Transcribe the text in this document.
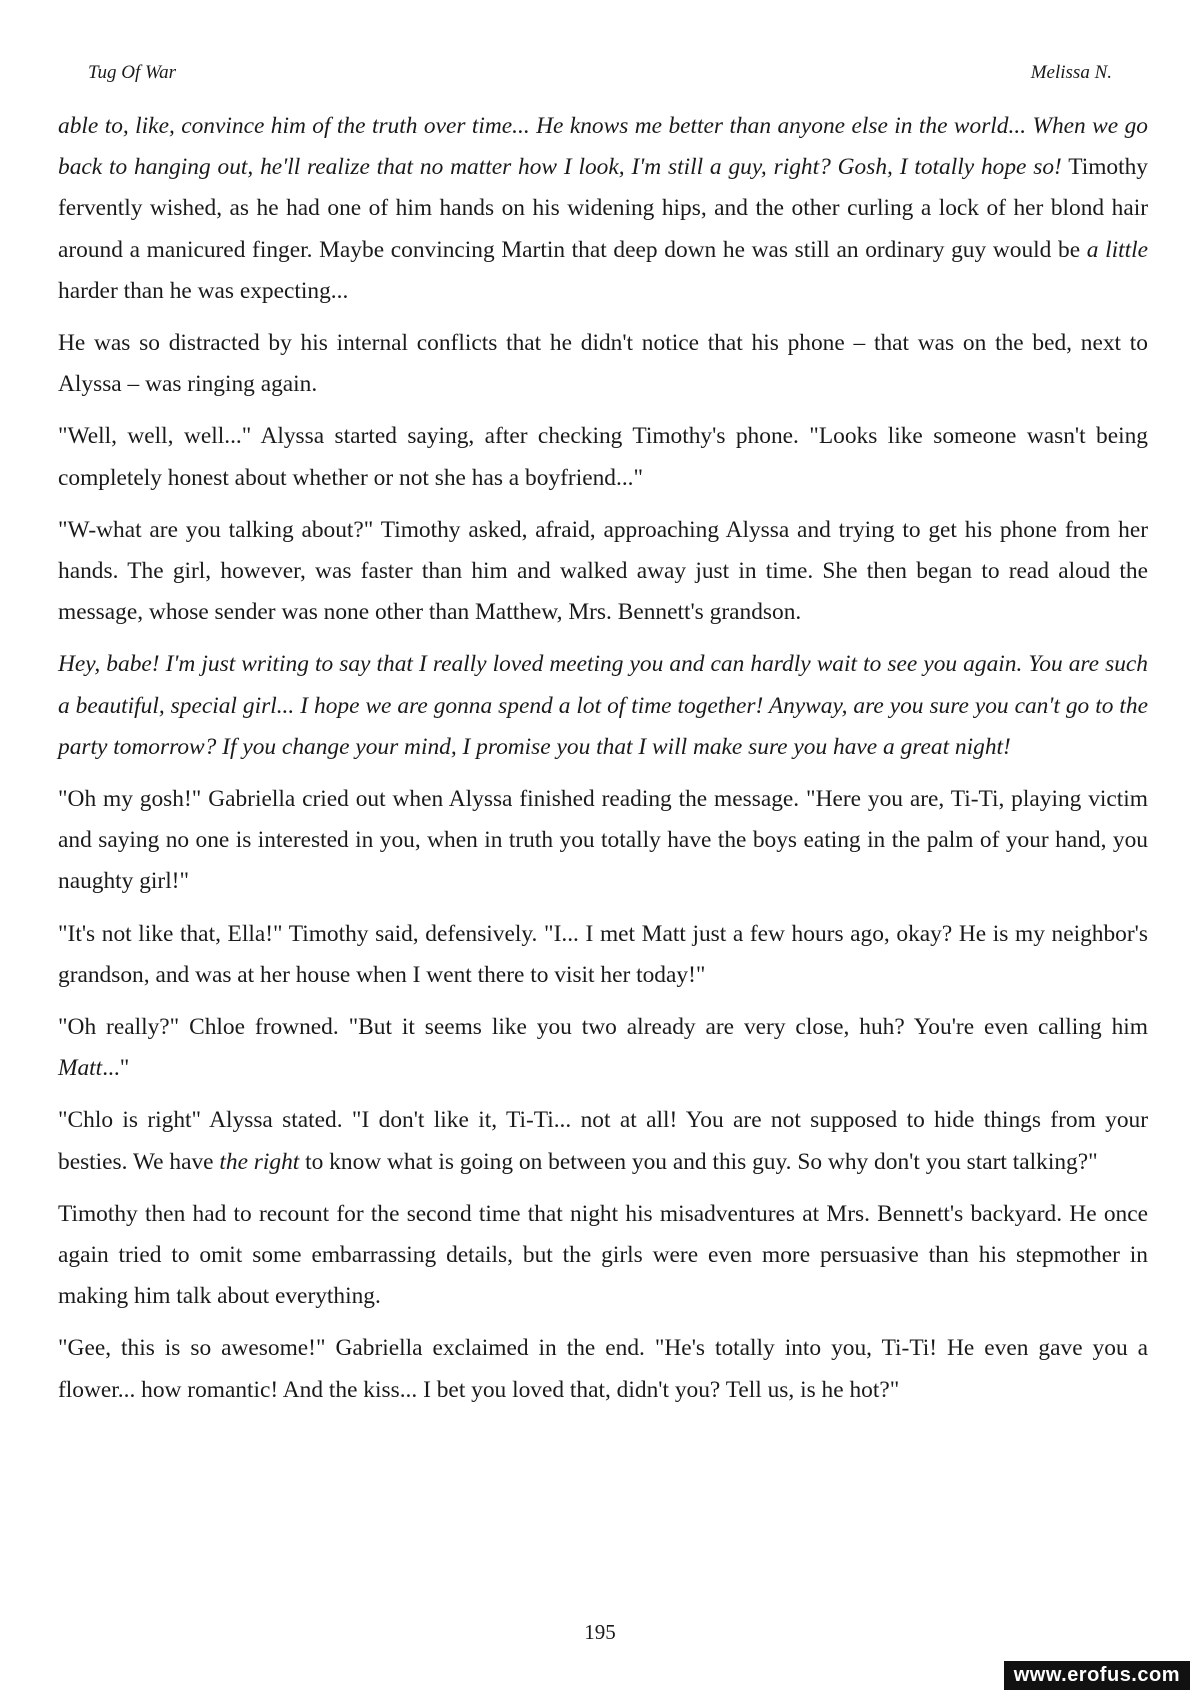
Tug Of War	Melissa N.

able to, like, convince him of the truth over time... He knows me better than anyone else in the world... When we go back to hanging out, he'll realize that no matter how I look, I'm still a guy, right? Gosh, I totally hope so! Timothy fervently wished, as he had one of him hands on his widening hips, and the other curling a lock of her blond hair around a manicured finger. Maybe convincing Martin that deep down he was still an ordinary guy would be a little harder than he was expecting...

He was so distracted by his internal conflicts that he didn't notice that his phone – that was on the bed, next to Alyssa – was ringing again.

"Well, well, well..." Alyssa started saying, after checking Timothy's phone. "Looks like someone wasn't being completely honest about whether or not she has a boyfriend..."

"W-what are you talking about?" Timothy asked, afraid, approaching Alyssa and trying to get his phone from her hands. The girl, however, was faster than him and walked away just in time. She then began to read aloud the message, whose sender was none other than Matthew, Mrs. Bennett's grandson.

Hey, babe! I'm just writing to say that I really loved meeting you and can hardly wait to see you again. You are such a beautiful, special girl... I hope we are gonna spend a lot of time together! Anyway, are you sure you can't go to the party tomorrow? If you change your mind, I promise you that I will make sure you have a great night!

"Oh my gosh!" Gabriella cried out when Alyssa finished reading the message. "Here you are, Ti-Ti, playing victim and saying no one is interested in you, when in truth you totally have the boys eating in the palm of your hand, you naughty girl!"

"It's not like that, Ella!" Timothy said, defensively. "I... I met Matt just a few hours ago, okay? He is my neighbor's grandson, and was at her house when I went there to visit her today!"

"Oh really?" Chloe frowned. "But it seems like you two already are very close, huh? You're even calling him Matt..."

"Chlo is right" Alyssa stated. "I don't like it, Ti-Ti... not at all! You are not supposed to hide things from your besties. We have the right to know what is going on between you and this guy. So why don't you start talking?"

Timothy then had to recount for the second time that night his misadventures at Mrs. Bennett's backyard. He once again tried to omit some embarrassing details, but the girls were even more persuasive than his stepmother in making him talk about everything.

"Gee, this is so awesome!" Gabriella exclaimed in the end. "He's totally into you, Ti-Ti! He even gave you a flower... how romantic! And the kiss... I bet you loved that, didn't you? Tell us, is he hot?"

195
www.erofus.com
